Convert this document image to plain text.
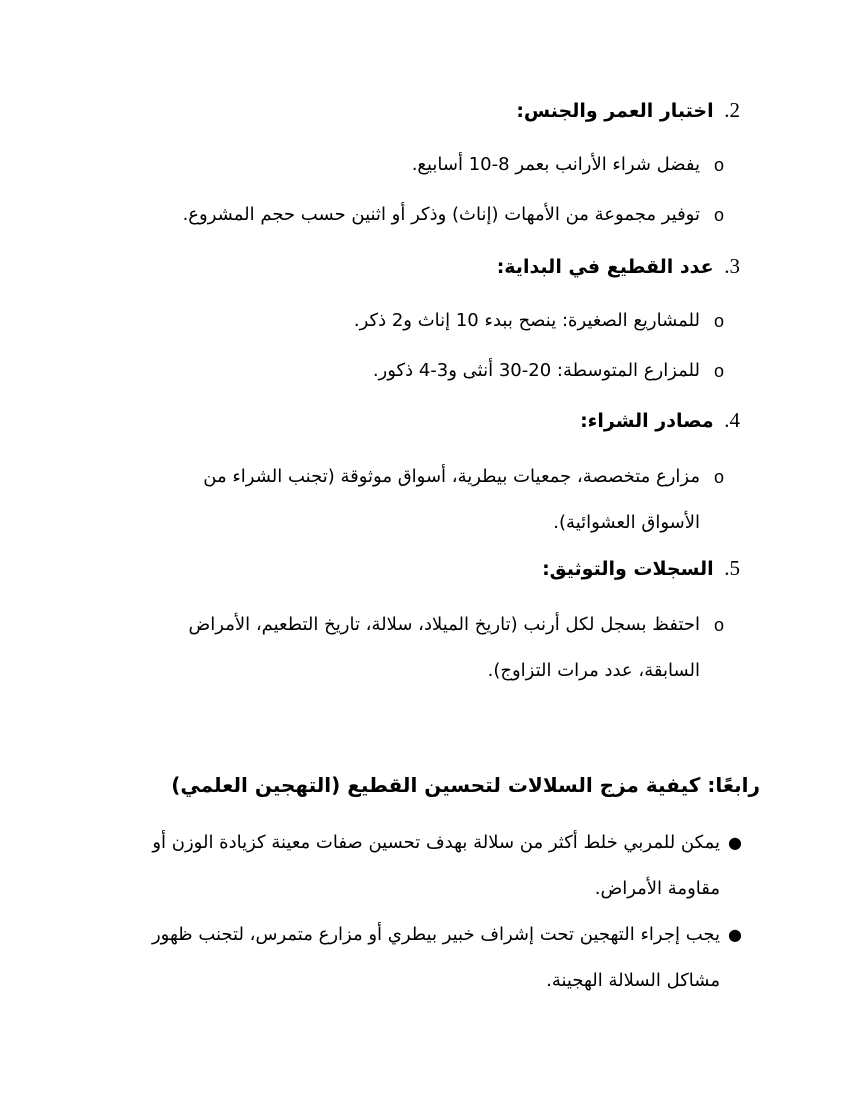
2. اختبار العمر والجنس:
o
يفضل شراء الأرانب بعمر 8-10 أسابيع.
o
توفير مجموعة من الأمهات (إناث) وذكر أو اثنين حسب حجم المشروع.
3. عدد القطيع في البداية:
o
للمشاريع الصغيرة: ينصح ببدء 10 إناث و2 ذكر.
o
للمزارع المتوسطة: 20-30 أنثى و3-4 ذكور.
4. مصادر الشراء:
o
مزارع متخصصة، جمعيات بيطرية، أسواق موثوقة (تجنب الشراء من الأسواق العشوائية).
5. السجلات والتوثيق:
o
احتفظ بسجل لكل أرنب (تاريخ الميلاد، سلالة، تاريخ التطعيم، الأمراض السابقة، عدد مرات التزاوج).
رابعًا: كيفية مزج السلالات لتحسين القطيع (التهجين العلمي)
●
يمكن للمربي خلط أكثر من سلالة بهدف تحسين صفات معينة كزيادة الوزن أو مقاومة الأمراض.
●
يجب إجراء التهجين تحت إشراف خبير بيطري أو مزارع متمرس، لتجنب ظهور مشاكل السلالة الهجينة.
